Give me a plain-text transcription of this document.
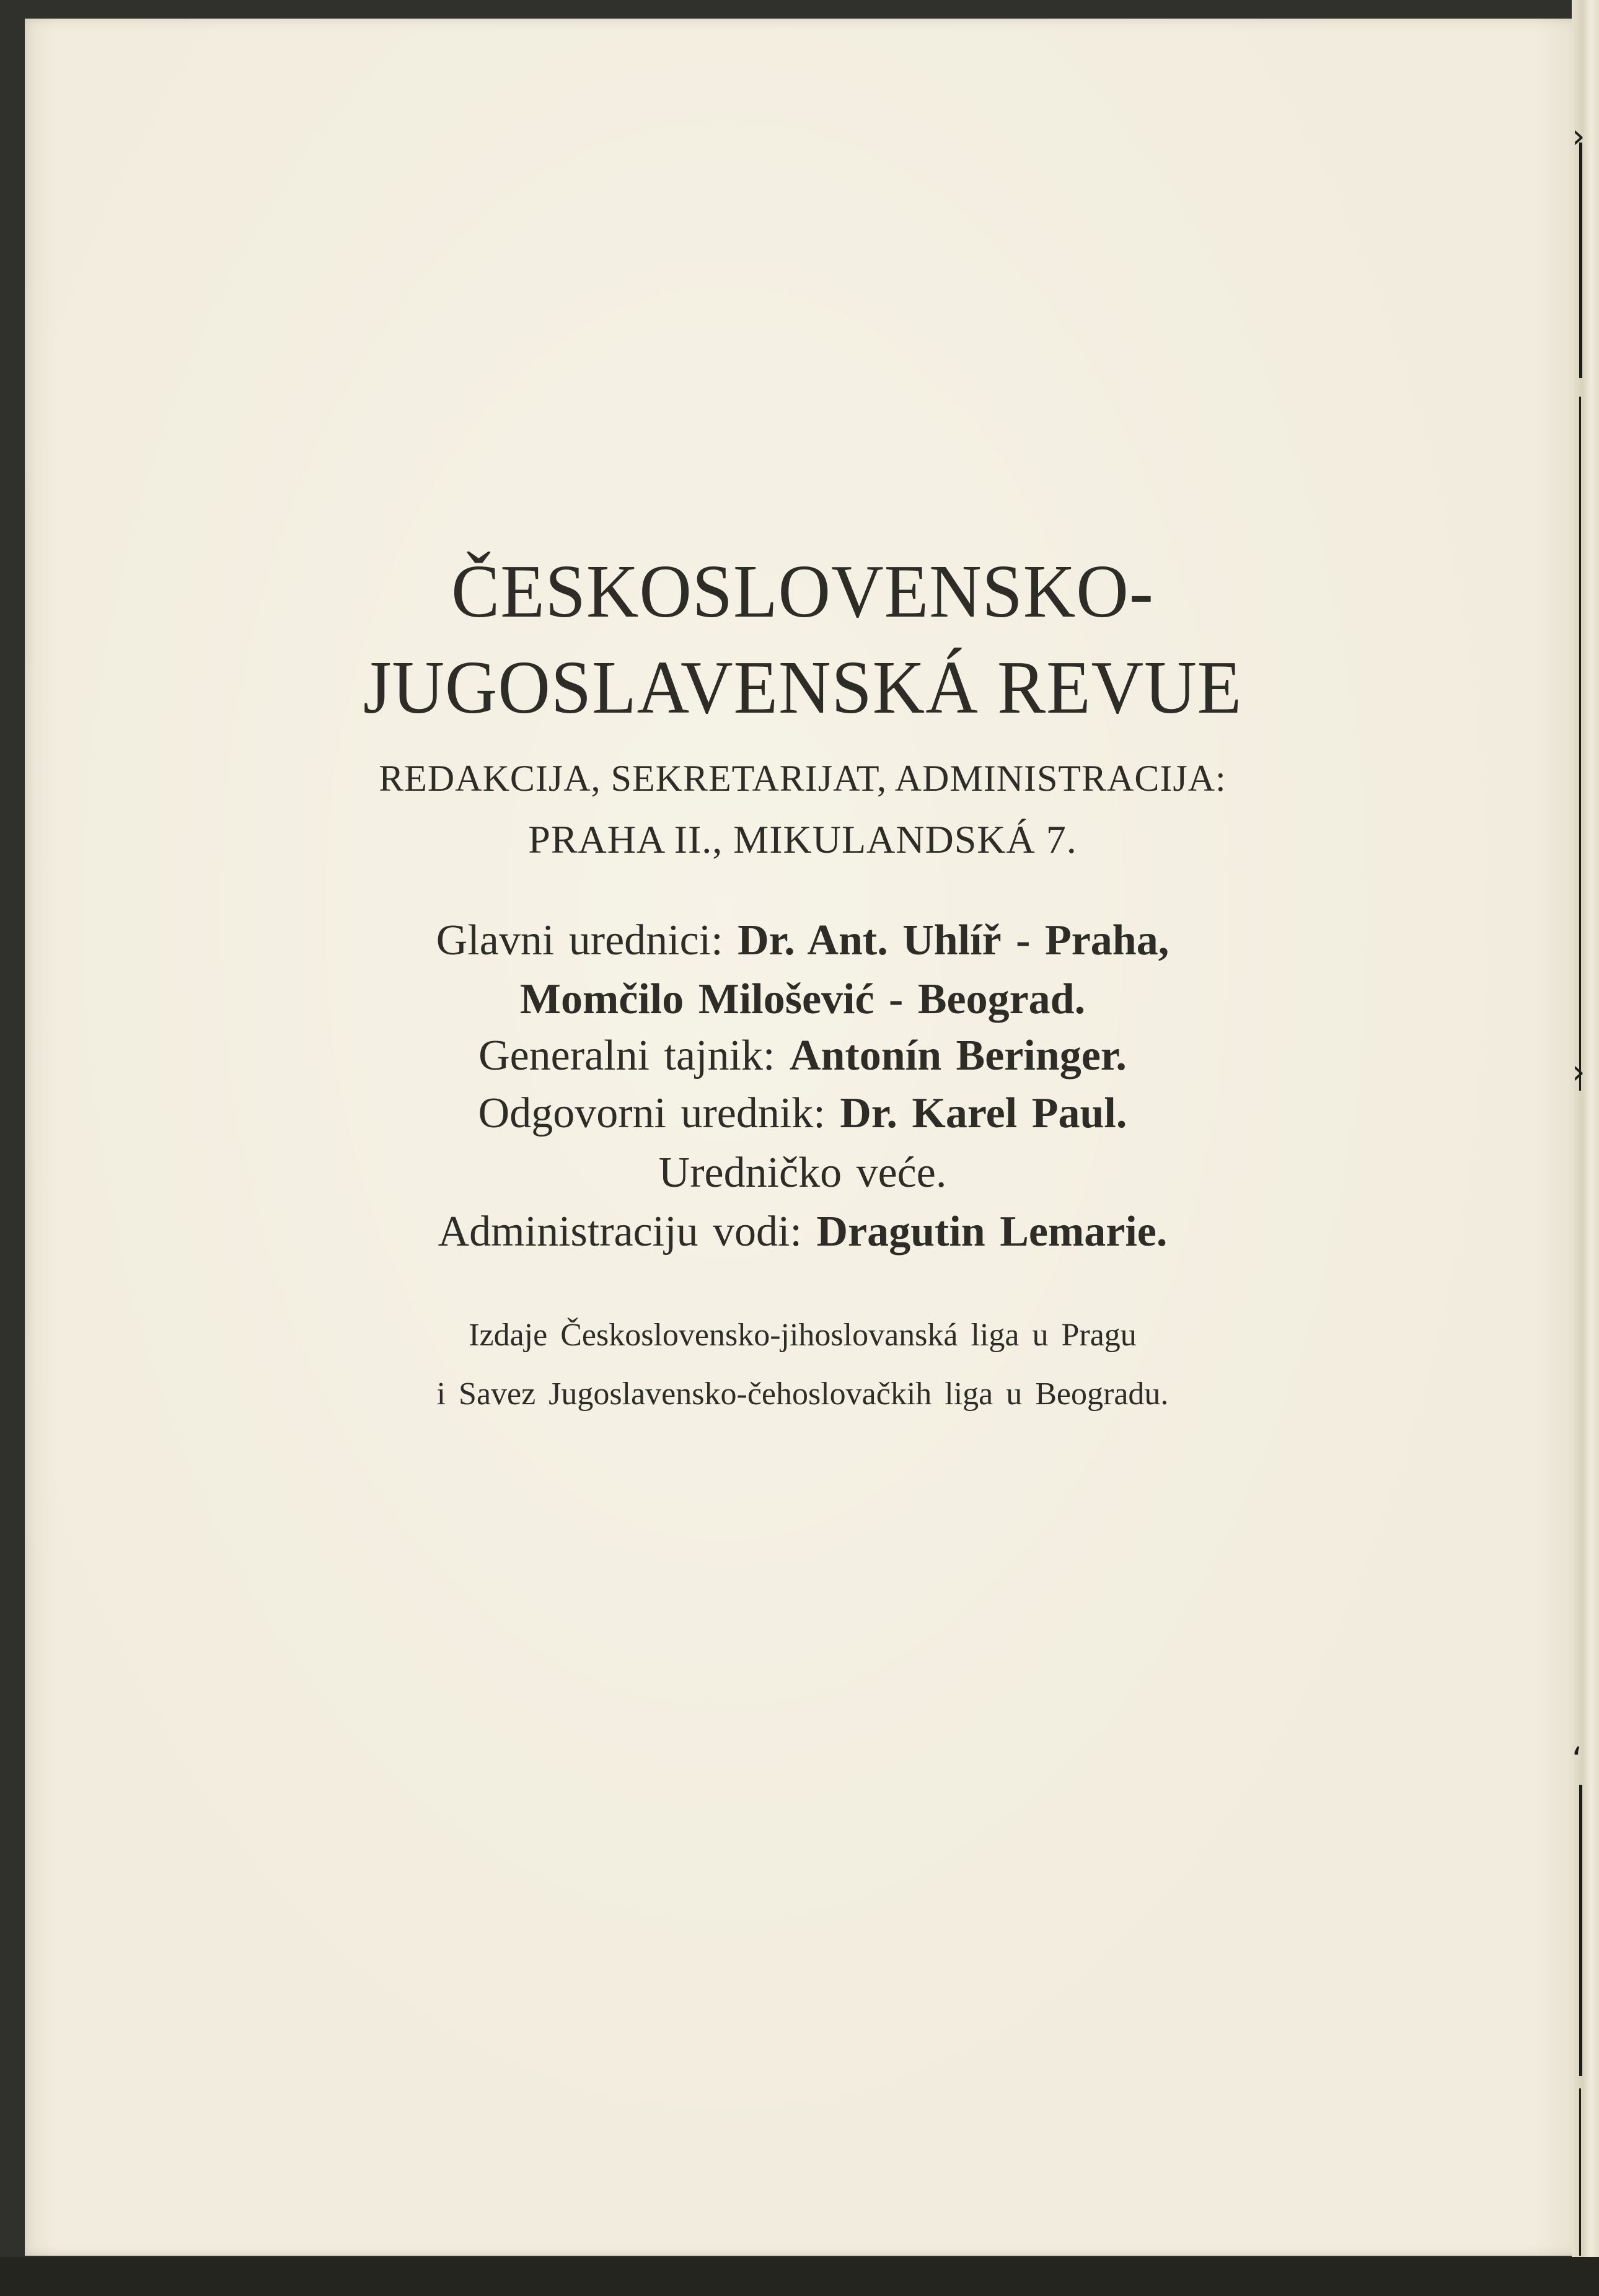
›
›
ʻ
ČESKOSLOVENSKO-
JUGOSLAVENSKÁ REVUE
REDAKCIJA, SEKRETARIJAT, ADMINISTRACIJA:
PRAHA II., MIKULANDSKÁ 7.
Glavni urednici: Dr. Ant. Uhlíř - Praha,
Momčilo Milošević - Beograd.
Generalni tajnik: Antonín Beringer.
Odgovorni urednik: Dr. Karel Paul.
Uredničko veće.
Administraciju vodi: Dragutin Lemarie.
Izdaje Československo-jihoslovanská liga u Pragu
i Savez Jugoslavensko-čehoslovačkih liga u Beogradu.
